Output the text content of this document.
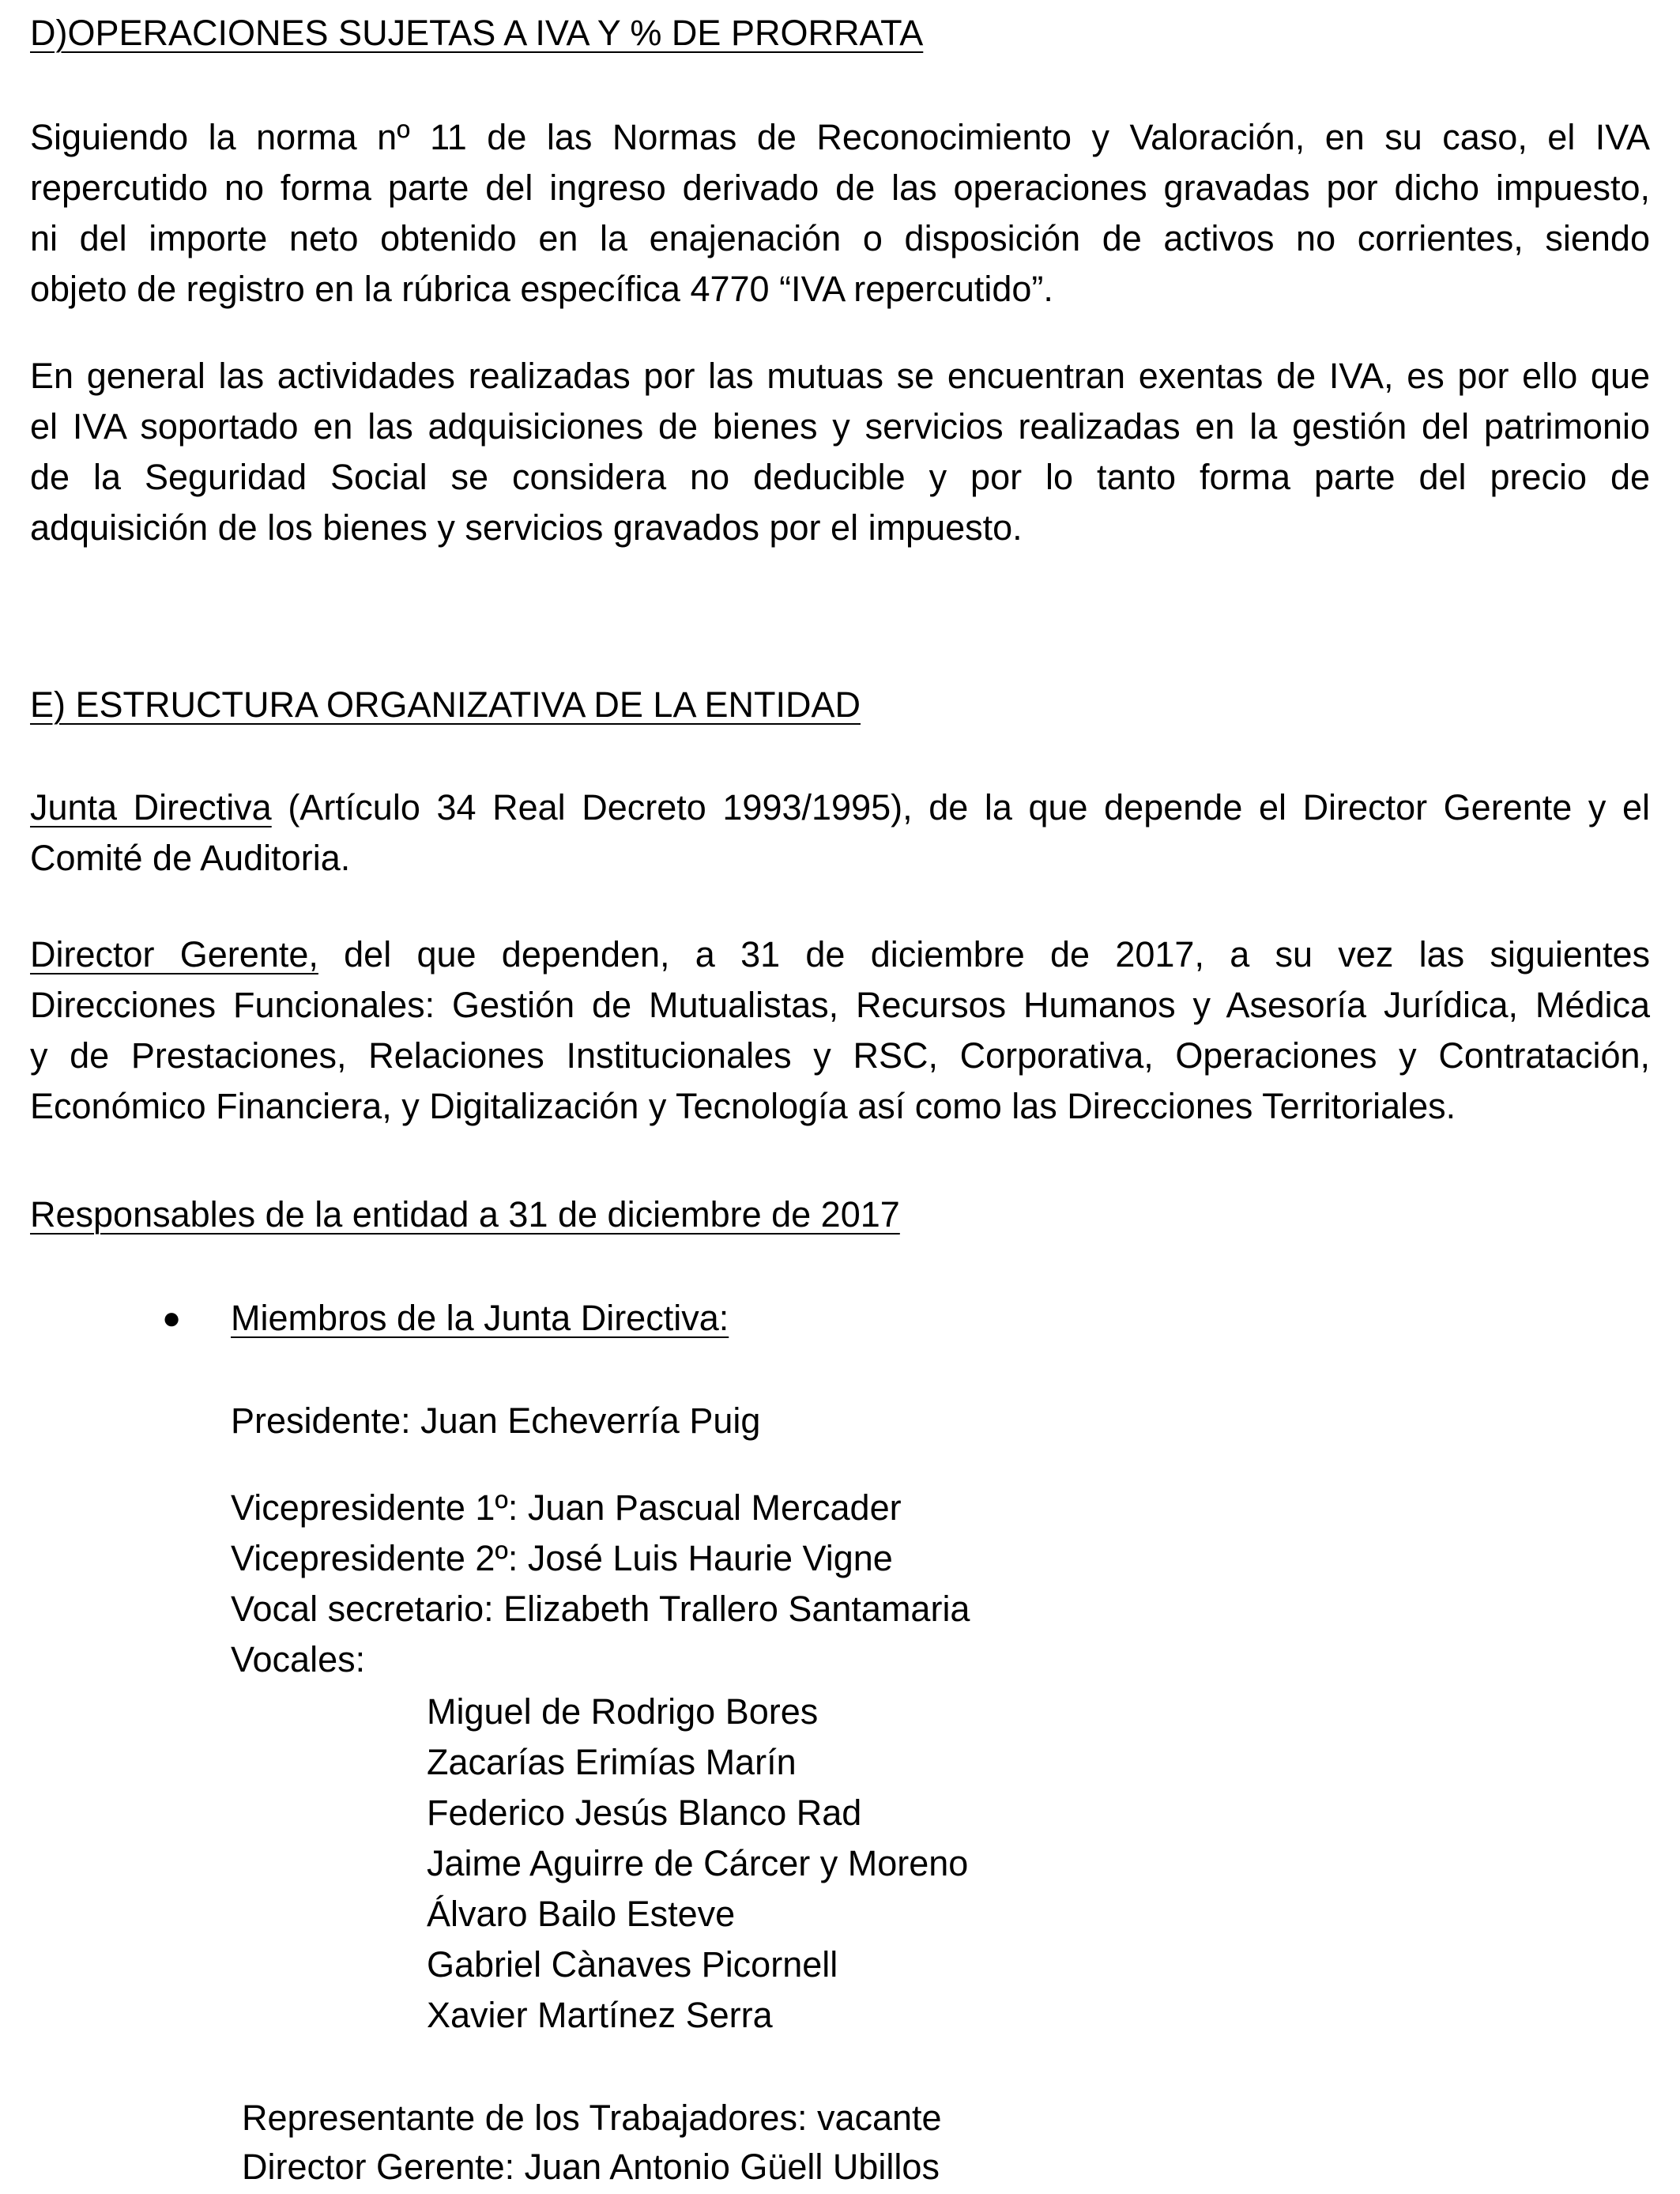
D)OPERACIONES SUJETAS A IVA Y % DE PRORRATA
Siguiendo la norma nº 11 de las Normas de Reconocimiento y Valoración, en su caso, el IVA
repercutido no forma parte del ingreso derivado de las operaciones gravadas por dicho impuesto,
ni del importe neto obtenido en la enajenación o disposición de activos no corrientes, siendo
objeto de registro en la rúbrica específica 4770 “IVA repercutido”.
En general las actividades realizadas por las mutuas se encuentran exentas de IVA, es por ello que
el IVA soportado en las adquisiciones de bienes y servicios realizadas en la gestión del patrimonio
de la Seguridad Social se considera no deducible y por lo tanto forma parte del precio de
adquisición de los bienes y servicios gravados por el impuesto.
E) ESTRUCTURA ORGANIZATIVA DE LA ENTIDAD
Junta Directiva (Artículo 34 Real Decreto 1993/1995), de la que depende el Director Gerente y el
Comité de Auditoria.
Director Gerente, del que dependen, a 31 de diciembre de 2017, a su vez las siguientes
Direcciones Funcionales: Gestión de Mutualistas, Recursos Humanos y Asesoría Jurídica, Médica
y de Prestaciones, Relaciones Institucionales y RSC, Corporativa, Operaciones y Contratación,
Económico Financiera, y Digitalización y Tecnología así como las Direcciones Territoriales.
Responsables de la entidad a 31 de diciembre de 2017
● Miembros de la Junta Directiva:
Presidente: Juan Echeverría Puig
Vicepresidente 1º: Juan Pascual Mercader
Vicepresidente 2º: José Luis Haurie Vigne
Vocal secretario: Elizabeth Trallero Santamaria
Vocales:
Miguel de Rodrigo Bores
Zacarías Erimías Marín
Federico Jesús Blanco Rad
Jaime Aguirre de Cárcer y Moreno
Álvaro Bailo Esteve
Gabriel Cànaves Picornell
Xavier Martínez Serra
Representante de los Trabajadores: vacante
Director Gerente: Juan Antonio Güell Ubillos
